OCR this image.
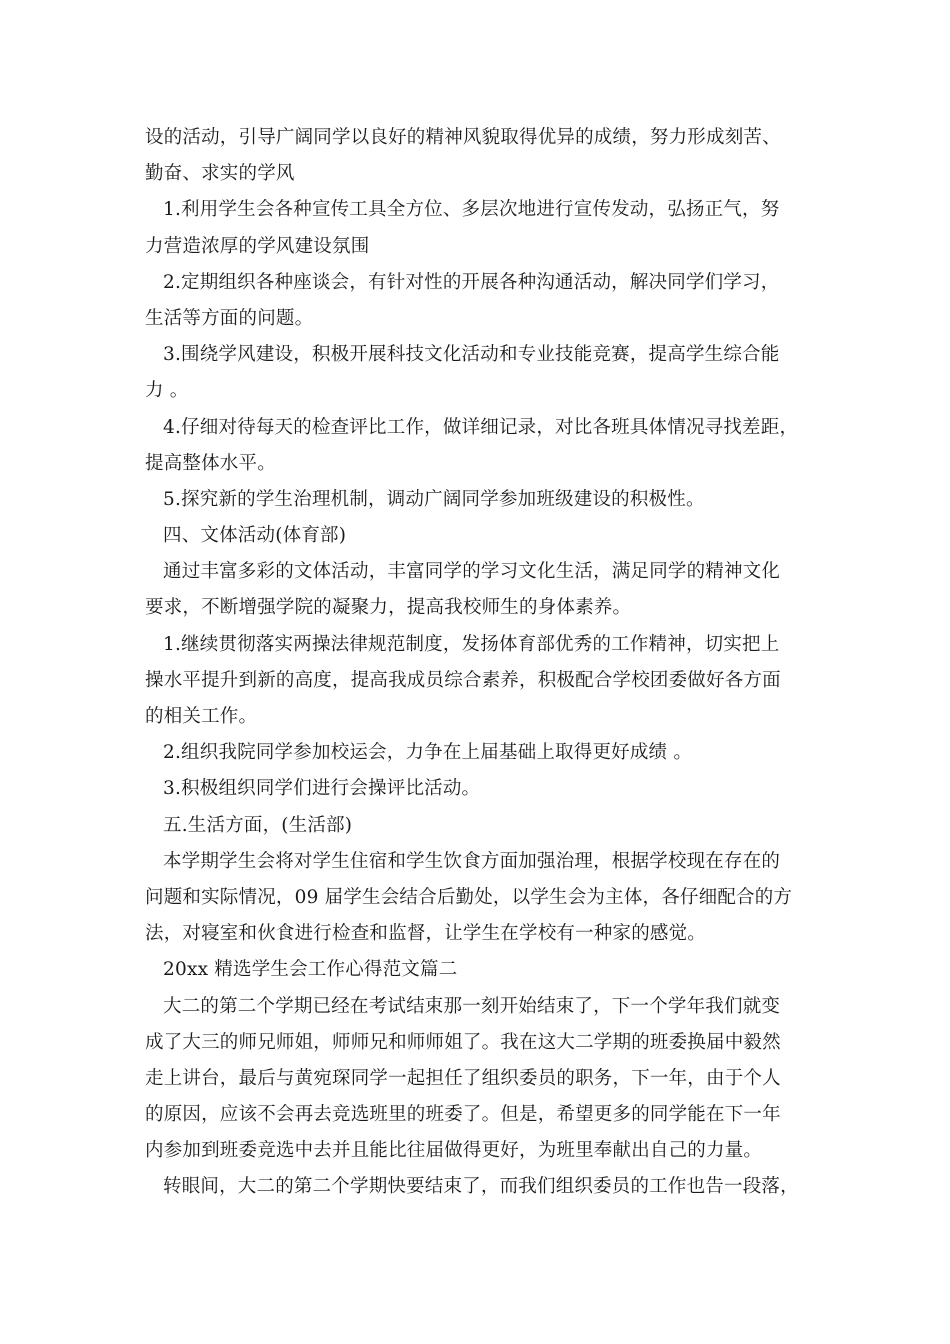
设的活动，引导广阔同学以良好的精神风貌取得优异的成绩，努力形成刻苦、
勤奋、求实的学风
1.利用学生会各种宣传工具全方位、多层次地进行宣传发动，弘扬正气，努
力营造浓厚的学风建设氛围
2.定期组织各种座谈会，有针对性的开展各种沟通活动，解决同学们学习，
生活等方面的问题。
3.围绕学风建设，积极开展科技文化活动和专业技能竞赛，提高学生综合能
力 。
4.仔细对待每天的检查评比工作，做详细记录，对比各班具体情况寻找差距，
提高整体水平。
5.探究新的学生治理机制，调动广阔同学参加班级建设的积极性。
四、文体活动(体育部)
通过丰富多彩的文体活动，丰富同学的学习文化生活，满足同学的精神文化
要求，不断增强学院的凝聚力，提高我校师生的身体素养。
1.继续贯彻落实两操法律规范制度，发扬体育部优秀的工作精神，切实把上
操水平提升到新的高度，提高我成员综合素养，积极配合学校团委做好各方面
的相关工作。
2.组织我院同学参加校运会，力争在上届基础上取得更好成绩 。
3.积极组织同学们进行会操评比活动。
五.生活方面，(生活部)
本学期学生会将对学生住宿和学生饮食方面加强治理，根据学校现在存在的
问题和实际情况，09 届学生会结合后勤处，以学生会为主体，各仔细配合的方
法，对寝室和伙食进行检查和监督，让学生在学校有一种家的感觉。
20xx 精选学生会工作心得范文篇二
大二的第二个学期已经在考试结束那一刻开始结束了，下一个学年我们就变
成了大三的师兄师姐，师师兄和师师姐了。我在这大二学期的班委换届中毅然
走上讲台，最后与黄宛琛同学一起担任了组织委员的职务，下一年，由于个人
的原因，应该不会再去竞选班里的班委了。但是，希望更多的同学能在下一年
内参加到班委竞选中去并且能比往届做得更好，为班里奉献出自己的力量。
转眼间，大二的第二个学期快要结束了，而我们组织委员的工作也告一段落，
